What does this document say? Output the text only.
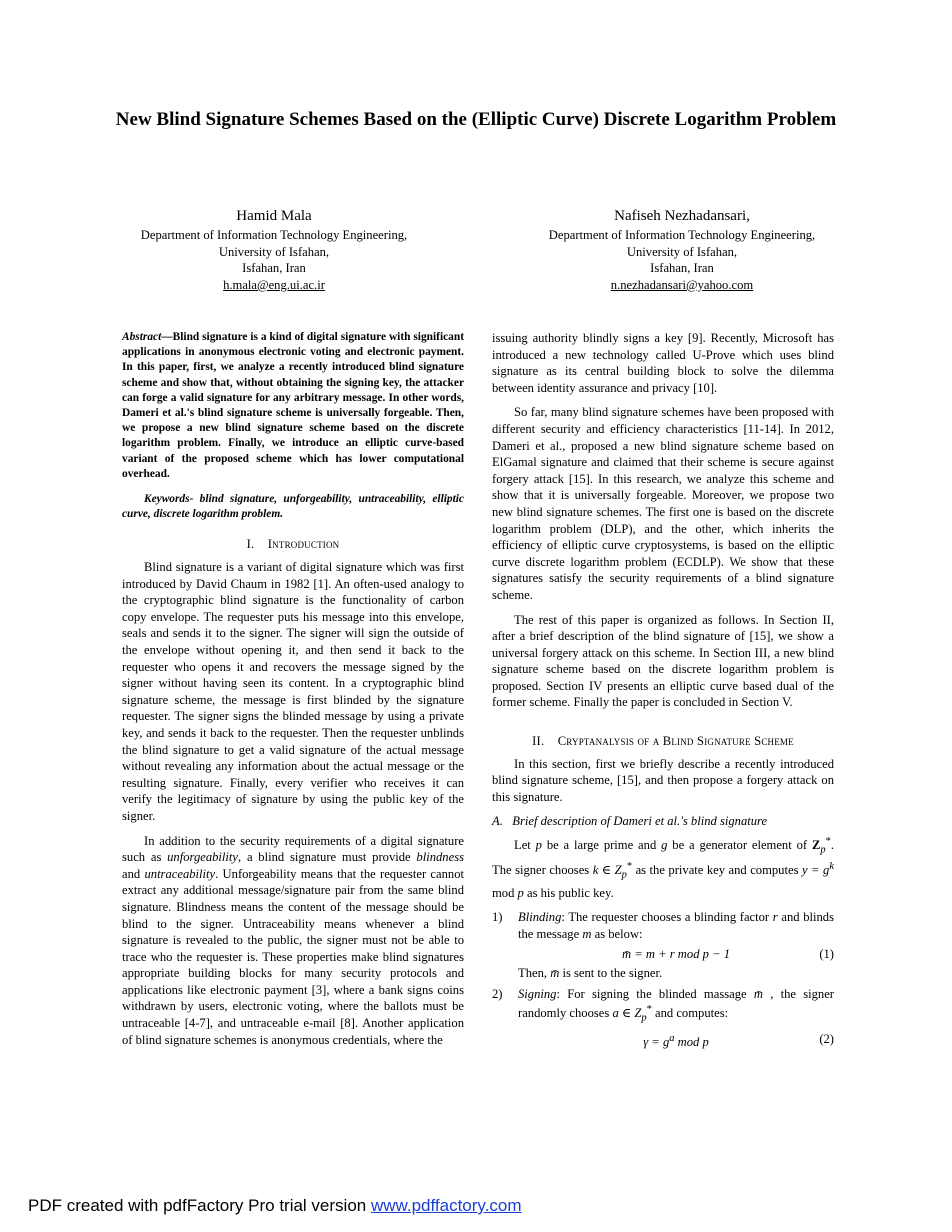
New Blind Signature Schemes Based on the (Elliptic Curve) Discrete Logarithm Problem
Hamid Mala
Department of Information Technology Engineering,
University of Isfahan,
Isfahan, Iran
h.mala@eng.ui.ac.ir
Nafiseh Nezhadansari,
Department of Information Technology Engineering,
University of Isfahan,
Isfahan, Iran
n.nezhadansari@yahoo.com

Abstract—Blind signature is a kind of digital signature with significant applications in anonymous electronic voting and electronic payment. In this paper, first, we analyze a recently introduced blind signature scheme and show that, without obtaining the signing key, the attacker can forge a valid signature for any arbitrary message. In other words, Dameri et al.'s blind signature scheme is universally forgeable. Then, we propose a new blind signature scheme based on the discrete logarithm problem. Finally, we introduce an elliptic curve-based variant of the proposed scheme which has lower computational overhead.

Keywords- blind signature, unforgeability, untraceability, elliptic curve, discrete logarithm problem.

I. Introduction

Blind signature is a variant of digital signature which was first introduced by David Chaum in 1982 [1]. An often-used analogy to the cryptographic blind signature is the functionality of carbon copy envelope. The requester puts his message into this envelope, seals and sends it to the signer. The signer will sign the outside of the envelope without opening it, and then send it back to the requester who opens it and recovers the message signed by the signer without having seen its content. In a cryptographic blind signature scheme, the message is first blinded by the signature requester. The signer signs the blinded message by using a private key, and sends it back to the requester. Then the requester unblinds the blind signature to get a valid signature of the actual message without revealing any information about the actual message or the resulting signature. Finally, every verifier who receives it can verify the legitimacy of signature by using the public key of the signer.

In addition to the security requirements of a digital signature such as unforgeability, a blind signature must provide blindness and untraceability. Unforgeability means that the requester cannot extract any additional message/signature pair from the same blind signature. Blindness means the content of the message should be blind to the signer. Untraceability means whenever a blind signature is revealed to the public, the signer must not be able to trace who the requester is. These properties make blind signatures appropriate building blocks for many security protocols and applications like electronic payment [3], where a bank signs coins withdrawn by users, electronic voting, where the ballots must be untraceable [4-7], and untraceable e-mail [8]. Another application of blind signature schemes is anonymous credentials, where the

issuing authority blindly signs a key [9]. Recently, Microsoft has introduced a new technology called U-Prove which uses blind signature as its central building block to solve the dilemma between identity assurance and privacy [10].

So far, many blind signature schemes have been proposed with different security and efficiency characteristics [11-14]. In 2012, Dameri et al., proposed a new blind signature scheme based on ElGamal signature and claimed that their scheme is secure against forgery attack [15]. In this research, we analyze this scheme and show that it is universally forgeable. Moreover, we propose two new blind signature schemes. The first one is based on the discrete logarithm problem (DLP), and the other, which inherits the efficiency of elliptic curve cryptosystems, is based on the elliptic curve discrete logarithm problem (ECDLP). We show that these signatures satisfy the security requirements of a blind signature scheme.

The rest of this paper is organized as follows. In Section II, after a brief description of the blind signature of [15], we show a universal forgery attack on this scheme. In Section III, a new blind signature scheme based on the discrete logarithm problem is proposed. Section IV presents an elliptic curve based dual of the former scheme. Finally the paper is concluded in Section V.

II. Cryptanalysis of a Blind Signature Scheme

In this section, first we briefly describe a recently introduced blind signature scheme, [15], and then propose a forgery attack on this signature.

A. Brief description of Dameri et al.'s blind signature

Let p be a large prime and g be a generator element of $Z_p^*$. The signer chooses k ∈ $Z_p^*$ as the private key and computes $y = g^k$ mod p as his public key.

1) Blinding: The requester chooses a blinding factor r and blinds the message m as below:

m̄ = m + r mod p − 1	(1)

Then, m̄ is sent to the signer.

2) Signing: For signing the blinded massage m̄ , the signer randomly chooses a ∈ $Z_p^*$ and computes:

$\gamma = g^a$ mod p	(2)

PDF created with pdfFactory Pro trial version www.pdffactory.com
